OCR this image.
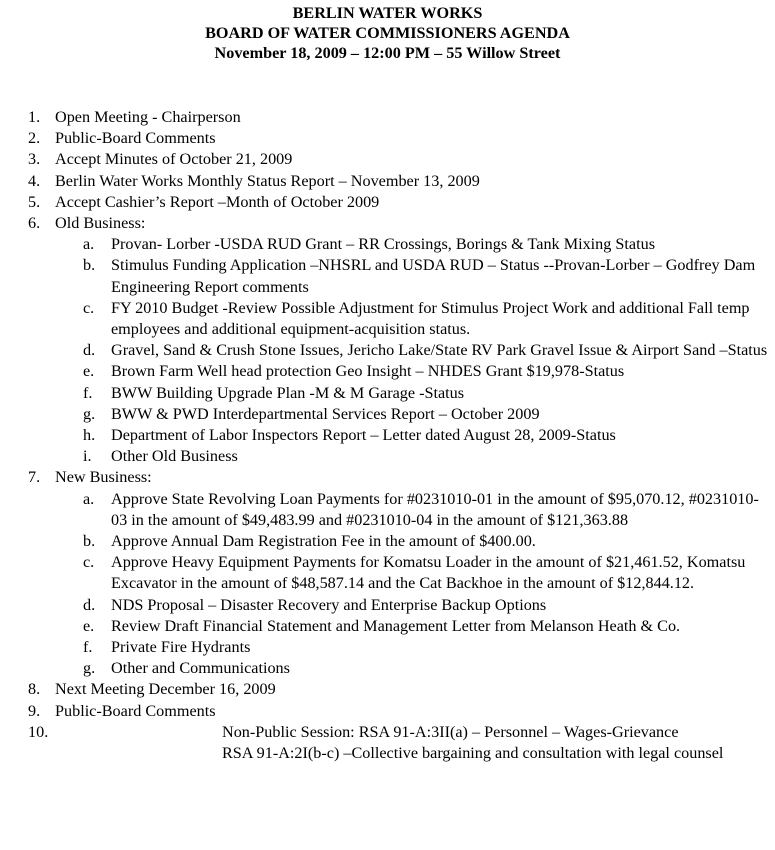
BERLIN WATER WORKS
BOARD OF WATER COMMISSIONERS AGENDA
November 18, 2009 – 12:00 PM – 55 Willow Street
1. Open Meeting - Chairperson
2. Public-Board Comments
3. Accept Minutes of October 21, 2009
4. Berlin Water Works Monthly Status Report – November 13, 2009
5. Accept Cashier’s Report –Month of October 2009
6. Old Business:
a. Provan- Lorber -USDA RUD Grant – RR Crossings, Borings & Tank Mixing Status
b. Stimulus Funding Application –NHSRL and USDA RUD – Status --Provan-Lorber – Godfrey Dam Engineering Report comments
c. FY 2010 Budget -Review Possible Adjustment for Stimulus Project Work and additional Fall temp employees and additional equipment-acquisition status.
d. Gravel, Sand & Crush Stone Issues, Jericho Lake/State RV Park Gravel Issue & Airport Sand –Status
e. Brown Farm Well head protection Geo Insight – NHDES Grant $19,978-Status
f. BWW Building Upgrade Plan -M & M Garage -Status
g. BWW & PWD Interdepartmental Services Report – October 2009
h. Department of Labor Inspectors Report – Letter dated August 28, 2009-Status
i. Other Old Business
7. New Business:
a. Approve State Revolving Loan Payments for #0231010-01 in the amount of $95,070.12, #0231010-03 in the amount of $49,483.99 and #0231010-04 in the amount of $121,363.88
b. Approve Annual Dam Registration Fee in the amount of $400.00.
c. Approve Heavy Equipment Payments for Komatsu Loader in the amount of $21,461.52, Komatsu Excavator in the amount of $48,587.14 and the Cat Backhoe in the amount of $12,844.12.
d. NDS Proposal – Disaster Recovery and Enterprise Backup Options
e. Review Draft Financial Statement and Management Letter from Melanson Heath & Co.
f. Private Fire Hydrants
g. Other and Communications
8. Next Meeting December 16, 2009
9. Public-Board Comments
10.	Non-Public Session: RSA 91-A:3II(a) – Personnel – Wages-Grievance
RSA 91-A:2I(b-c) –Collective bargaining and consultation with legal counsel
